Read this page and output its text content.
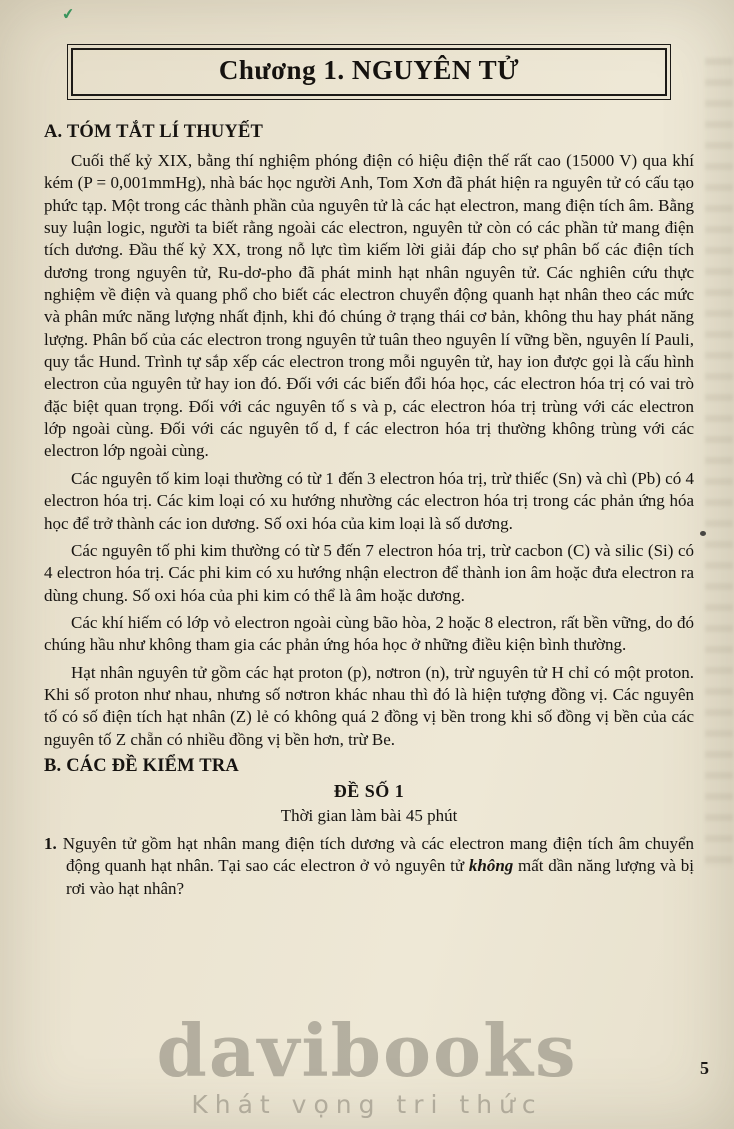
✔
Chương 1. NGUYÊN TỬ
A. TÓM TẮT LÍ THUYẾT

Cuối thế kỷ XIX, bằng thí nghiệm phóng điện có hiệu điện thế rất cao (15000 V) qua khí kém (P = 0,001mmHg), nhà bác học người Anh, Tom Xơn đã phát hiện ra nguyên tử có cấu tạo phức tạp. Một trong các thành phần của nguyên tử là các hạt electron, mang điện tích âm. Bằng suy luận logic, người ta biết rằng ngoài các electron, nguyên tử còn có các phần tử mang điện tích dương. Đầu thế kỷ XX, trong nỗ lực tìm kiếm lời giải đáp cho sự phân bố các điện tích dương trong nguyên tử, Ru-dơ-pho đã phát minh hạt nhân nguyên tử. Các nghiên cứu thực nghiệm về điện và quang phổ cho biết các electron chuyển động quanh hạt nhân theo các mức và phân mức năng lượng nhất định, khi đó chúng ở trạng thái cơ bản, không thu hay phát năng lượng. Phân bố của các electron trong nguyên tử tuân theo nguyên lí vững bền, nguyên lí Pauli, quy tắc Hund. Trình tự sắp xếp các electron trong mỗi nguyên tử, hay ion được gọi là cấu hình electron của nguyên tử hay ion đó. Đối với các biến đổi hóa học, các electron hóa trị có vai trò đặc biệt quan trọng. Đối với các nguyên tố s và p, các electron hóa trị trùng với các electron lớp ngoài cùng. Đối với các nguyên tố d, f các electron hóa trị thường không trùng với các electron lớp ngoài cùng.

Các nguyên tố kim loại thường có từ 1 đến 3 electron hóa trị, trừ thiếc (Sn) và chì (Pb) có 4 electron hóa trị. Các kim loại có xu hướng nhường các electron hóa trị trong các phản ứng hóa học để trở thành các ion dương. Số oxi hóa của kim loại là số dương.

Các nguyên tố phi kim thường có từ 5 đến 7 electron hóa trị, trừ cacbon (C) và silic (Si) có 4 electron hóa trị. Các phi kim có xu hướng nhận electron để thành ion âm hoặc đưa electron ra dùng chung. Số oxi hóa của phi kim có thể là âm hoặc dương.

Các khí hiếm có lớp vỏ electron ngoài cùng bão hòa, 2 hoặc 8 electron, rất bền vững, do đó chúng hầu như không tham gia các phản ứng hóa học ở những điều kiện bình thường.

Hạt nhân nguyên tử gồm các hạt proton (p), nơtron (n), trừ nguyên tử H chỉ có một proton. Khi số proton như nhau, nhưng số nơtron khác nhau thì đó là hiện tượng đồng vị. Các nguyên tố có số điện tích hạt nhân (Z) lẻ có không quá 2 đồng vị bền trong khi số đồng vị bền của các nguyên tố Z chẵn có nhiều đồng vị bền hơn, trừ Be.

B. CÁC ĐỀ KIỂM TRA
ĐỀ SỐ 1
Thời gian làm bài 45 phút
1. Nguyên tử gồm hạt nhân mang điện tích dương và các electron mang điện tích âm chuyển động quanh hạt nhân. Tại sao các electron ở vỏ nguyên tử không mất dần năng lượng và bị rơi vào hạt nhân?
davibooks
Khát vọng tri thức
5
